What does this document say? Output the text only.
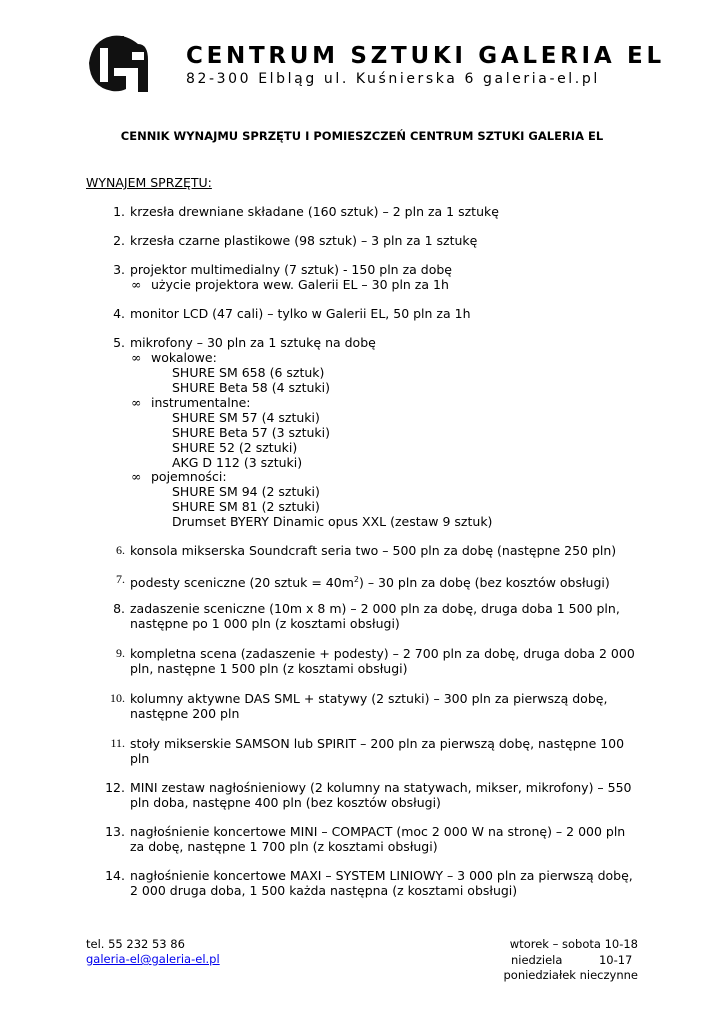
CENTRUM SZTUKI GALERIA EL
82-300 Elbląg ul. Kuśnierska 6 galeria-el.pl
CENNIK WYNAJMU SPRZĘTU I POMIESZCZEŃ CENTRUM SZTUKI GALERIA EL
WYNAJEM SPRZĘTU:
1. krzesła drewniane składane (160 sztuk) – 2 pln za 1 sztukę
2. krzesła czarne plastikowe (98 sztuk) – 3 pln za 1 sztukę
3. projektor multimedialny (7 sztuk) - 150 pln za dobę
∞ użycie projektora wew. Galerii EL – 30 pln za 1h
4. monitor LCD (47 cali) – tylko w Galerii EL, 50 pln za 1h
5. mikrofony – 30 pln za 1 sztukę na dobę
∞ wokalowe:
SHURE SM 658 (6 sztuk)
SHURE Beta 58 (4 sztuki)
∞ instrumentalne:
SHURE SM 57 (4 sztuki)
SHURE Beta 57 (3 sztuki)
SHURE 52 (2 sztuki)
AKG D 112 (3 sztuki)
∞ pojemności:
SHURE SM 94 (2 sztuki)
SHURE SM 81 (2 sztuki)
Drumset BYERY Dinamic opus XXL (zestaw 9 sztuk)
6. konsola mikserska Soundcraft seria two – 500 pln za dobę (następne 250 pln)
7. podesty sceniczne (20 sztuk = $40m^2) - 30$ pln za dobę (bez kosztów obsługi)
8. zadaszenie sceniczne (10m x 8 m) – 2 000 pln za dobę, druga doba 1 500 pln, następne po 1 000 pln (z kosztami obsługi)
9. kompletna scena (zadaszenie + podesty) – 2 700 pln za dobę, druga doba 2 000 pln, następne 1 500 pln (z kosztami obsługi)
10. kolumny aktywne DAS SML + statywy (2 sztuki) – 300 pln za pierwszą dobę, następne 200 pln
11. stoły mikserskie SAMSON lub SPIRIT – 200 pln za pierwszą dobę, następne 100 pln
12. MINI zestaw nagłośnieniowy (2 kolumny na statywach, mikser, mikrofony) – 550 pln doba, następne 400 pln (bez kosztów obsługi)
13. nagłośnienie koncertowe MINI – COMPACT (moc 2 000 W na stronę) – 2 000 pln za dobę, następne 1 700 pln (z kosztami obsługi)
14. nagłośnienie koncertowe MAXI – SYSTEM LINIOWY – 3 000 pln za pierwszą dobę, 2 000 druga doba, 1 500 każda następna (z kosztami obsługi)
tel. 55 232 53 86
galeria-el@galeria-el.pl
wtorek – sobota 10-18
niedziela          10-17
poniedziałek nieczynne
